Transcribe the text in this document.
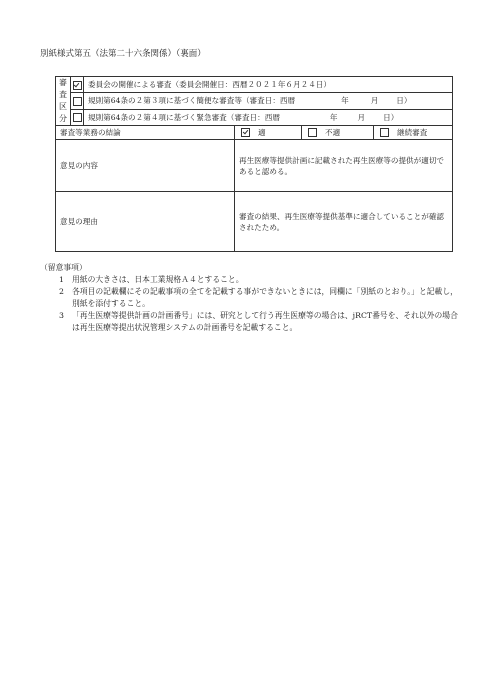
別紙様式第五（法第二十六条関係）（裏面）
審
査
区
分		委員会の開催による審査（委員会開催日：西暦２０２１年６月２４日）			
		規則第64条の２第３項に基づく簡便な審査等（審査日：西暦 年 月 日）			
		規則第64条の２第４項に基づく緊急審査（審査日：西暦 年 月 日）			
審査等業務の結論			適	不適	継続審査

意見の内容			再生医療等提供計画に記載された再生医療等の提供が適切であると認める。		
意見の理由			審査の結果、再生医療等提供基準に適合していることが確認されたため。		
（留意事項）
1	用紙の大きさは、日本工業規格Ａ４とすること。
2	各項目の記載欄にその記載事項の全てを記載する事ができないときには，同欄に「別紙のとおり。」と記載し，別紙を添付すること。
3	「再生医療等提供計画の計画番号」には、研究として行う再生医療等の場合は、jRCT番号を、それ以外の場合は再生医療等提出状況管理システムの計画番号を記載すること。
